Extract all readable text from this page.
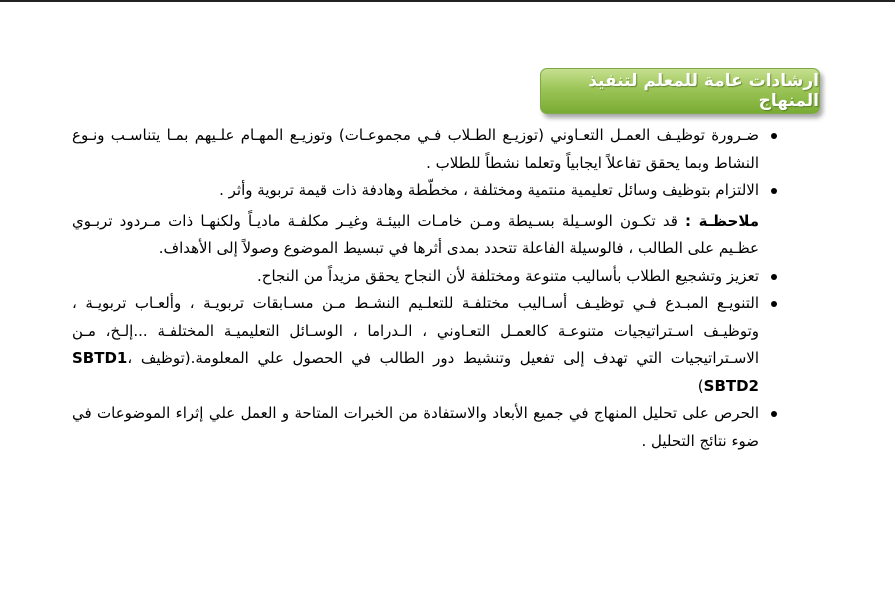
ارشادات عامة للمعلم لتنفيذ المنهاج

ضـرورة توظيـف العمـل التعـاوني (توزيـع الطـلاب فـي مجموعـات) وتوزيـع المهـام علـيهم بمـا يتناسـب ونـوع النشاط وبما يحقق تفاعلاً ايجابياً وتعلما نشطاً للطلاب .

الالتزام بتوظيف وسائل تعليمية منتمية ومختلفة ، مخطّطة وهادفة ذات قيمة تربوية وأثر .

ملاحظـة : قد تكـون الوسـيلة بسـيطة ومـن خامـات البيئـة وغيـر مكلفـة ماديـاً ولكنهـا ذات مـردود تربـوي عظـيم على الطالب ، فالوسيلة الفاعلة تتحدد بمدى أثرها في تبسيط الموضوع وصولاً إلى الأهداف.

تعزيز وتشجيع الطلاب بأساليب متنوعة ومختلفة لأن النجاح يحقق مزيداً من النجاح.

التنويـع المبـدع فـي توظيـف أسـاليب مختلفـة للتعلـيم النشـط مـن مسـابقات تربويـة ، وألعـاب تربويـة ، وتوظيـف اسـتراتيجيات متنوعـة كالعمـل التعـاوني ، الـدراما ، الوسـائل التعليميـة المختلفـة ...إلـخ، مـن الاسـتراتيجيات التي تهدف إلى تفعيل وتنشيط دور الطالب في الحصول علي المعلومة.(توظيف SBTD1، SBTD2)

الحرص على تحليل المنهاج في جميع الأبعاد والاستفادة من الخبرات المتاحة و العمل علي إثراء الموضوعات في ضوء نتائج التحليل .
